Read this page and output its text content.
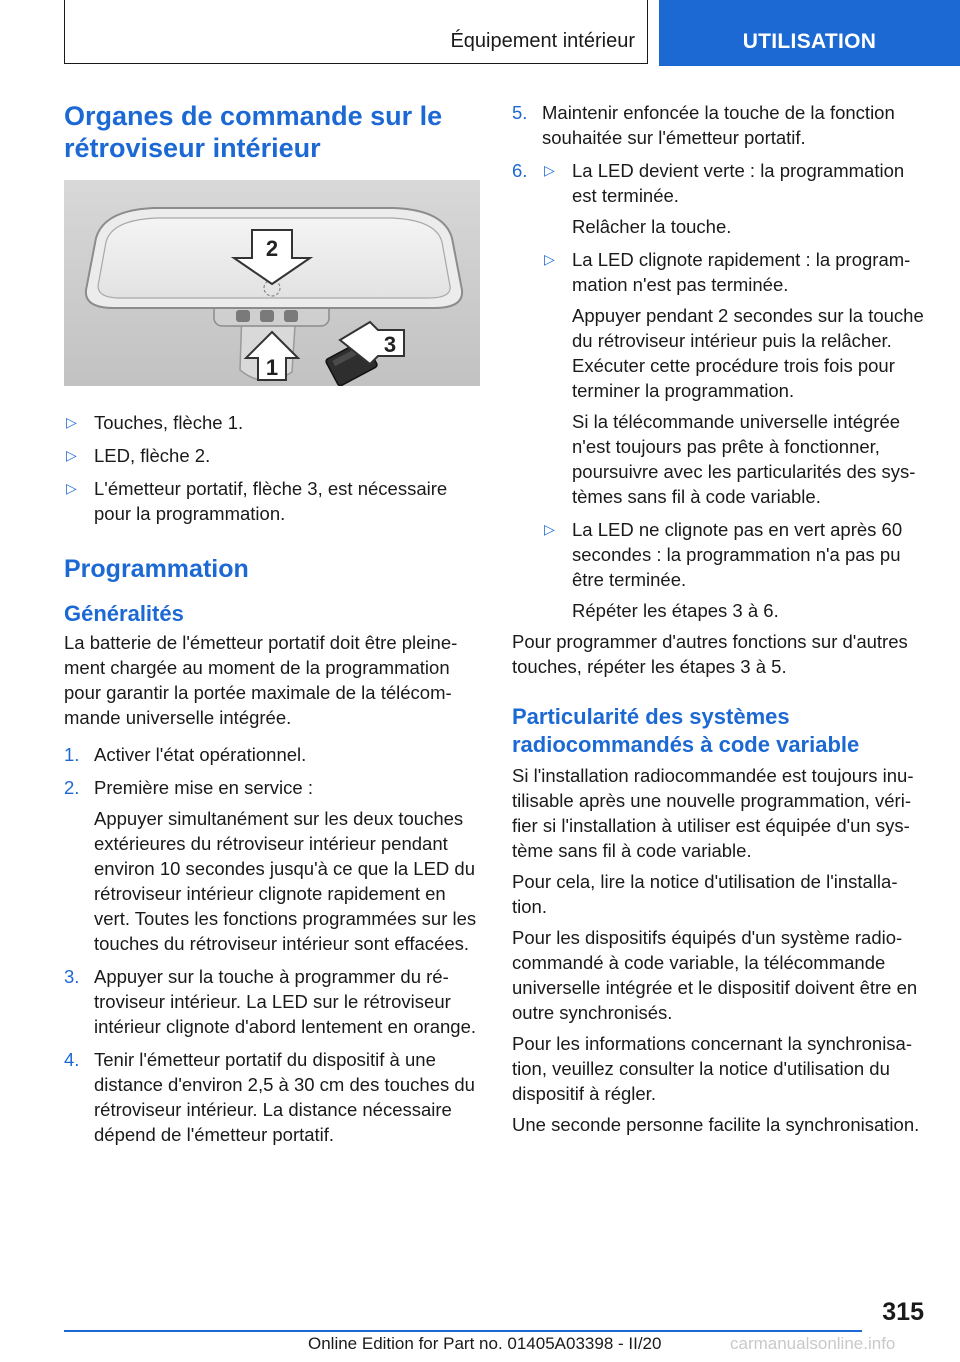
Équipement intérieur	UTILISATION
Organes de commande sur le rétroviseur intérieur
2
1
3
▷ Touches, flèche 1.
▷ LED, flèche 2.
▷ L'émetteur portatif, flèche 3, est nécessaire pour la programmation.
Programmation
Généralités

La batterie de l'émetteur portatif doit être pleinement chargée au moment de la programmation pour garantir la portée maximale de la télécommande universelle intégrée.

1. Activer l'état opérationnel.
2. Première mise en service :

Appuyer simultanément sur les deux touches extérieures du rétroviseur intérieur pendant environ 10 secondes jusqu'à ce que la LED du rétroviseur intérieur clignote rapidement en vert. Toutes les fonctions programmées sur les touches du rétroviseur intérieur sont effacées.

3. Appuyer sur la touche à programmer du rétroviseur intérieur. La LED sur le rétroviseur intérieur clignote d'abord lentement en orange.
4. Tenir l'émetteur portatif du dispositif à une distance d'environ 2,5 à 30 cm des touches du rétroviseur intérieur. La distance nécessaire dépend de l'émetteur portatif.
5. Maintenir enfoncée la touche de la fonction souhaitée sur l'émetteur portatif.
6. ▷ La LED devient verte : la programmation est terminée.

Relâcher la touche.

▷ La LED clignote rapidement : la programmation n'est pas terminée.

Appuyer pendant 2 secondes sur la touche du rétroviseur intérieur puis la relâcher. Exécuter cette procédure trois fois pour terminer la programmation.

Si la télécommande universelle intégrée n'est toujours pas prête à fonctionner, poursuivre avec les particularités des systèmes sans fil à code variable.

▷ La LED ne clignote pas en vert après 60 secondes : la programmation n'a pas pu être terminée.

Répéter les étapes 3 à 6.

Pour programmer d'autres fonctions sur d'autres touches, répéter les étapes 3 à 5.

Particularité des systèmes radiocommandés à code variable

Si l'installation radiocommandée est toujours inutilisable après une nouvelle programmation, vérifier si l'installation à utiliser est équipée d'un système sans fil à code variable.

Pour cela, lire la notice d'utilisation de l'installation.

Pour les dispositifs équipés d'un système radiocommandé à code variable, la télécommande universelle intégrée et le dispositif doivent être en outre synchronisés.

Pour les informations concernant la synchronisation, veuillez consulter la notice d'utilisation du dispositif à régler.

Une seconde personne facilite la synchronisation.

315
Online Edition for Part no. 01405A03398 - II/20	carmanualsonline.info
